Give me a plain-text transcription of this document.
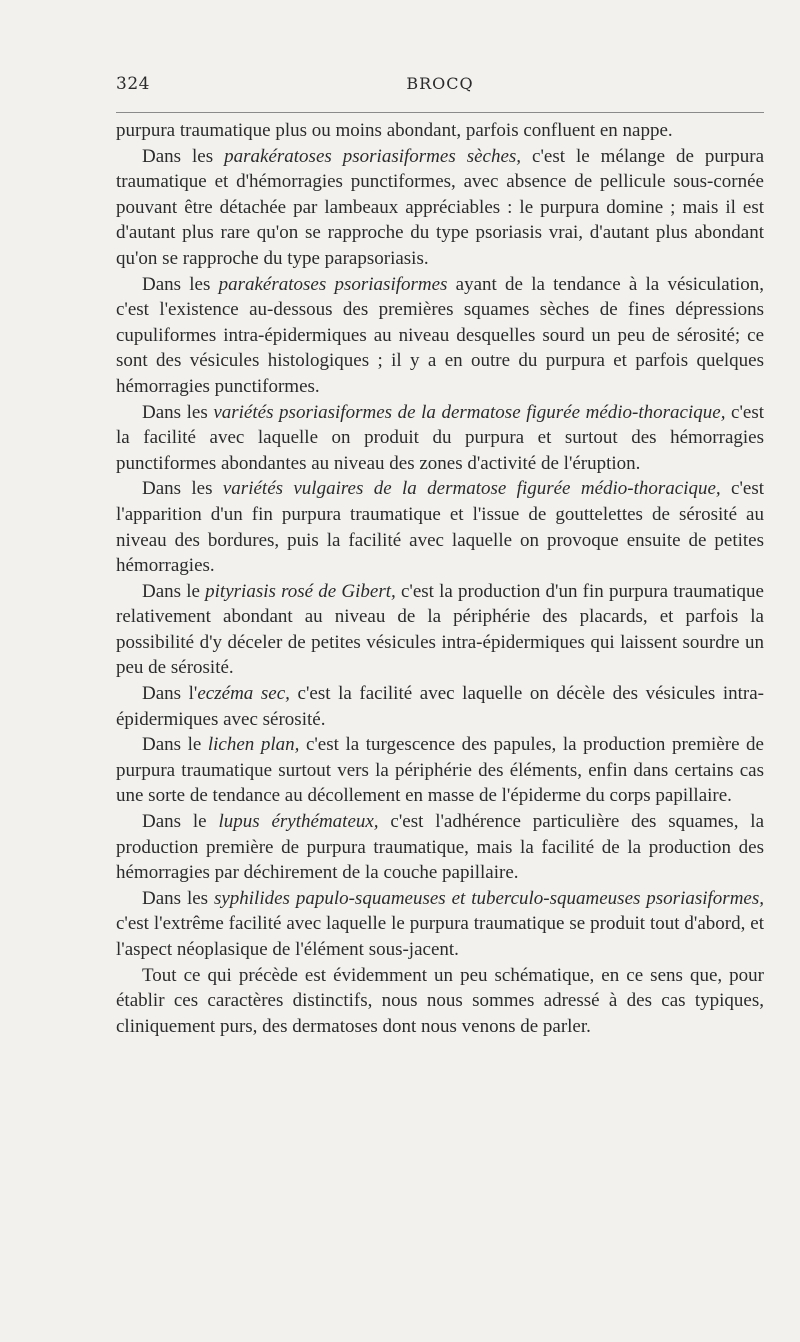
324	BROCQ

purpura traumatique plus ou moins abondant, parfois confluent en nappe.

Dans les parakératoses psoriasiformes sèches, c'est le mélange de purpura traumatique et d'hémorragies punctiformes, avec absence de pellicule sous-cornée pouvant être détachée par lambeaux appréciables : le purpura domine ; mais il est d'autant plus rare qu'on se rapproche du type psoriasis vrai, d'autant plus abondant qu'on se rapproche du type parapsoriasis.

Dans les parakératoses psoriasiformes ayant de la tendance à la vésiculation, c'est l'existence au-dessous des premières squames sèches de fines dépressions cupuliformes intra-épidermiques au niveau desquelles sourd un peu de sérosité; ce sont des vésicules histologiques ; il y a en outre du purpura et parfois quelques hémorragies punctiformes.

Dans les variétés psoriasiformes de la dermatose figurée médio-thoracique, c'est la facilité avec laquelle on produit du purpura et surtout des hémorragies punctiformes abondantes au niveau des zones d'activité de l'éruption.

Dans les variétés vulgaires de la dermatose figurée médio-thoracique, c'est l'apparition d'un fin purpura traumatique et l'issue de gouttelettes de sérosité au niveau des bordures, puis la facilité avec laquelle on provoque ensuite de petites hémorragies.

Dans le pityriasis rosé de Gibert, c'est la production d'un fin purpura traumatique relativement abondant au niveau de la périphérie des placards, et parfois la possibilité d'y déceler de petites vésicules intra-épidermiques qui laissent sourdre un peu de sérosité.

Dans l'eczéma sec, c'est la facilité avec laquelle on décèle des vésicules intra-épidermiques avec sérosité.

Dans le lichen plan, c'est la turgescence des papules, la production première de purpura traumatique surtout vers la périphérie des éléments, enfin dans certains cas une sorte de tendance au décollement en masse de l'épiderme du corps papillaire.

Dans le lupus érythémateux, c'est l'adhérence particulière des squames, la production première de purpura traumatique, mais la facilité de la production des hémorragies par déchirement de la couche papillaire.

Dans les syphilides papulo-squameuses et tuberculo-squameuses psoriasiformes, c'est l'extrême facilité avec laquelle le purpura traumatique se produit tout d'abord, et l'aspect néoplasique de l'élément sous-jacent.

Tout ce qui précède est évidemment un peu schématique, en ce sens que, pour établir ces caractères distinctifs, nous nous sommes adressé à des cas typiques, cliniquement purs, des dermatoses dont nous venons de parler.
